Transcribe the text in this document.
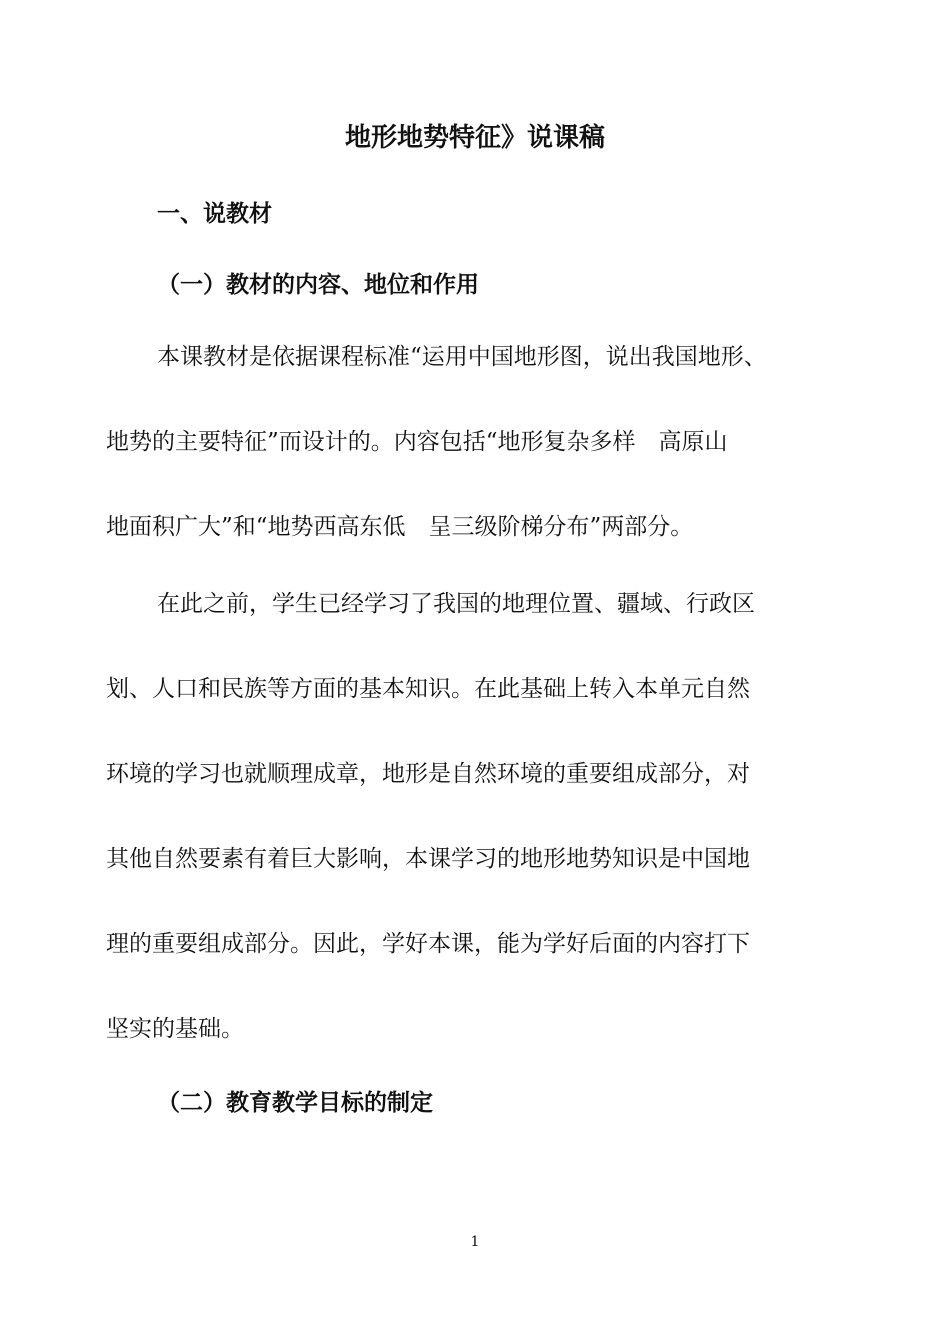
地形地势特征》说课稿
一、说教材
（一）教材的内容、地位和作用

本课教材是依据课程标准“运用中国地形图，说出我国地形、

地势的主要特征”而设计的。内容包括“地形复杂多样　高原山

地面积广大”和“地势西高东低　呈三级阶梯分布”两部分。

在此之前，学生已经学习了我国的地理位置、疆域、行政区

划、人口和民族等方面的基本知识。在此基础上转入本单元自然

环境的学习也就顺理成章，地形是自然环境的重要组成部分，对

其他自然要素有着巨大影响，本课学习的地形地势知识是中国地

理的重要组成部分。因此，学好本课，能为学好后面的内容打下

坚实的基础。

（二）教育教学目标的制定
1
